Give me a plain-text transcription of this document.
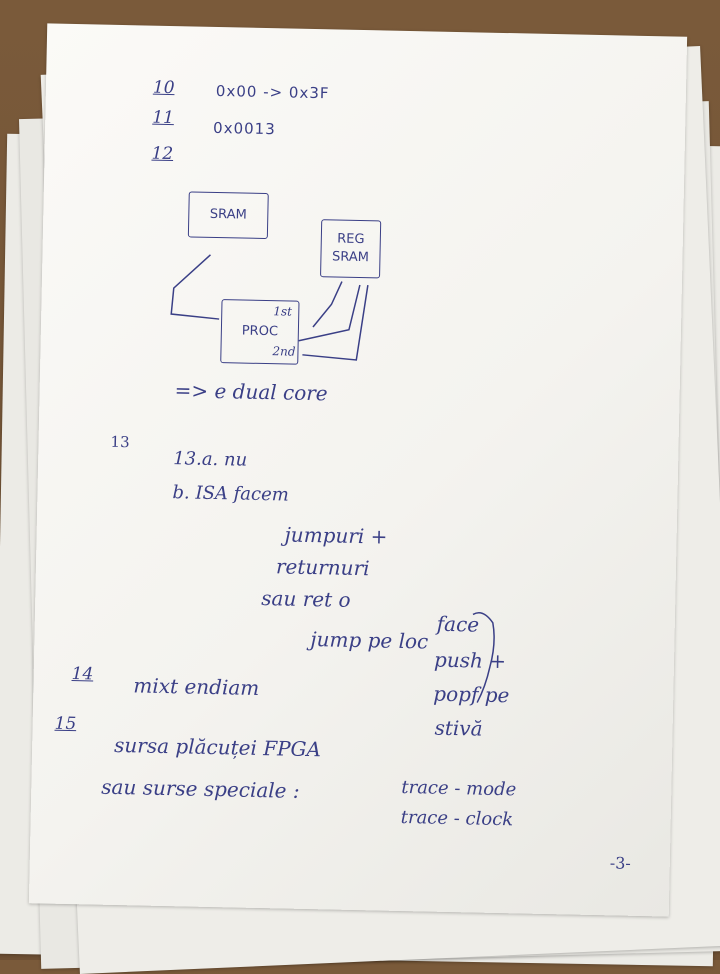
10	0x00 -> 0x3F
11
0x0013
12
SRAM
REG
SRAM
PROC
1st
2nd
=> e dual core
13
13.a. nu
b. ISA facem
jumpuri +
returnuri
sau ret o
jump pe loc
face
push +
popf pe
stivă
14 mixt endiam
15
sursa plăcuței FPGA
sau surse speciale :	trace - mode
trace - clock
-3-
